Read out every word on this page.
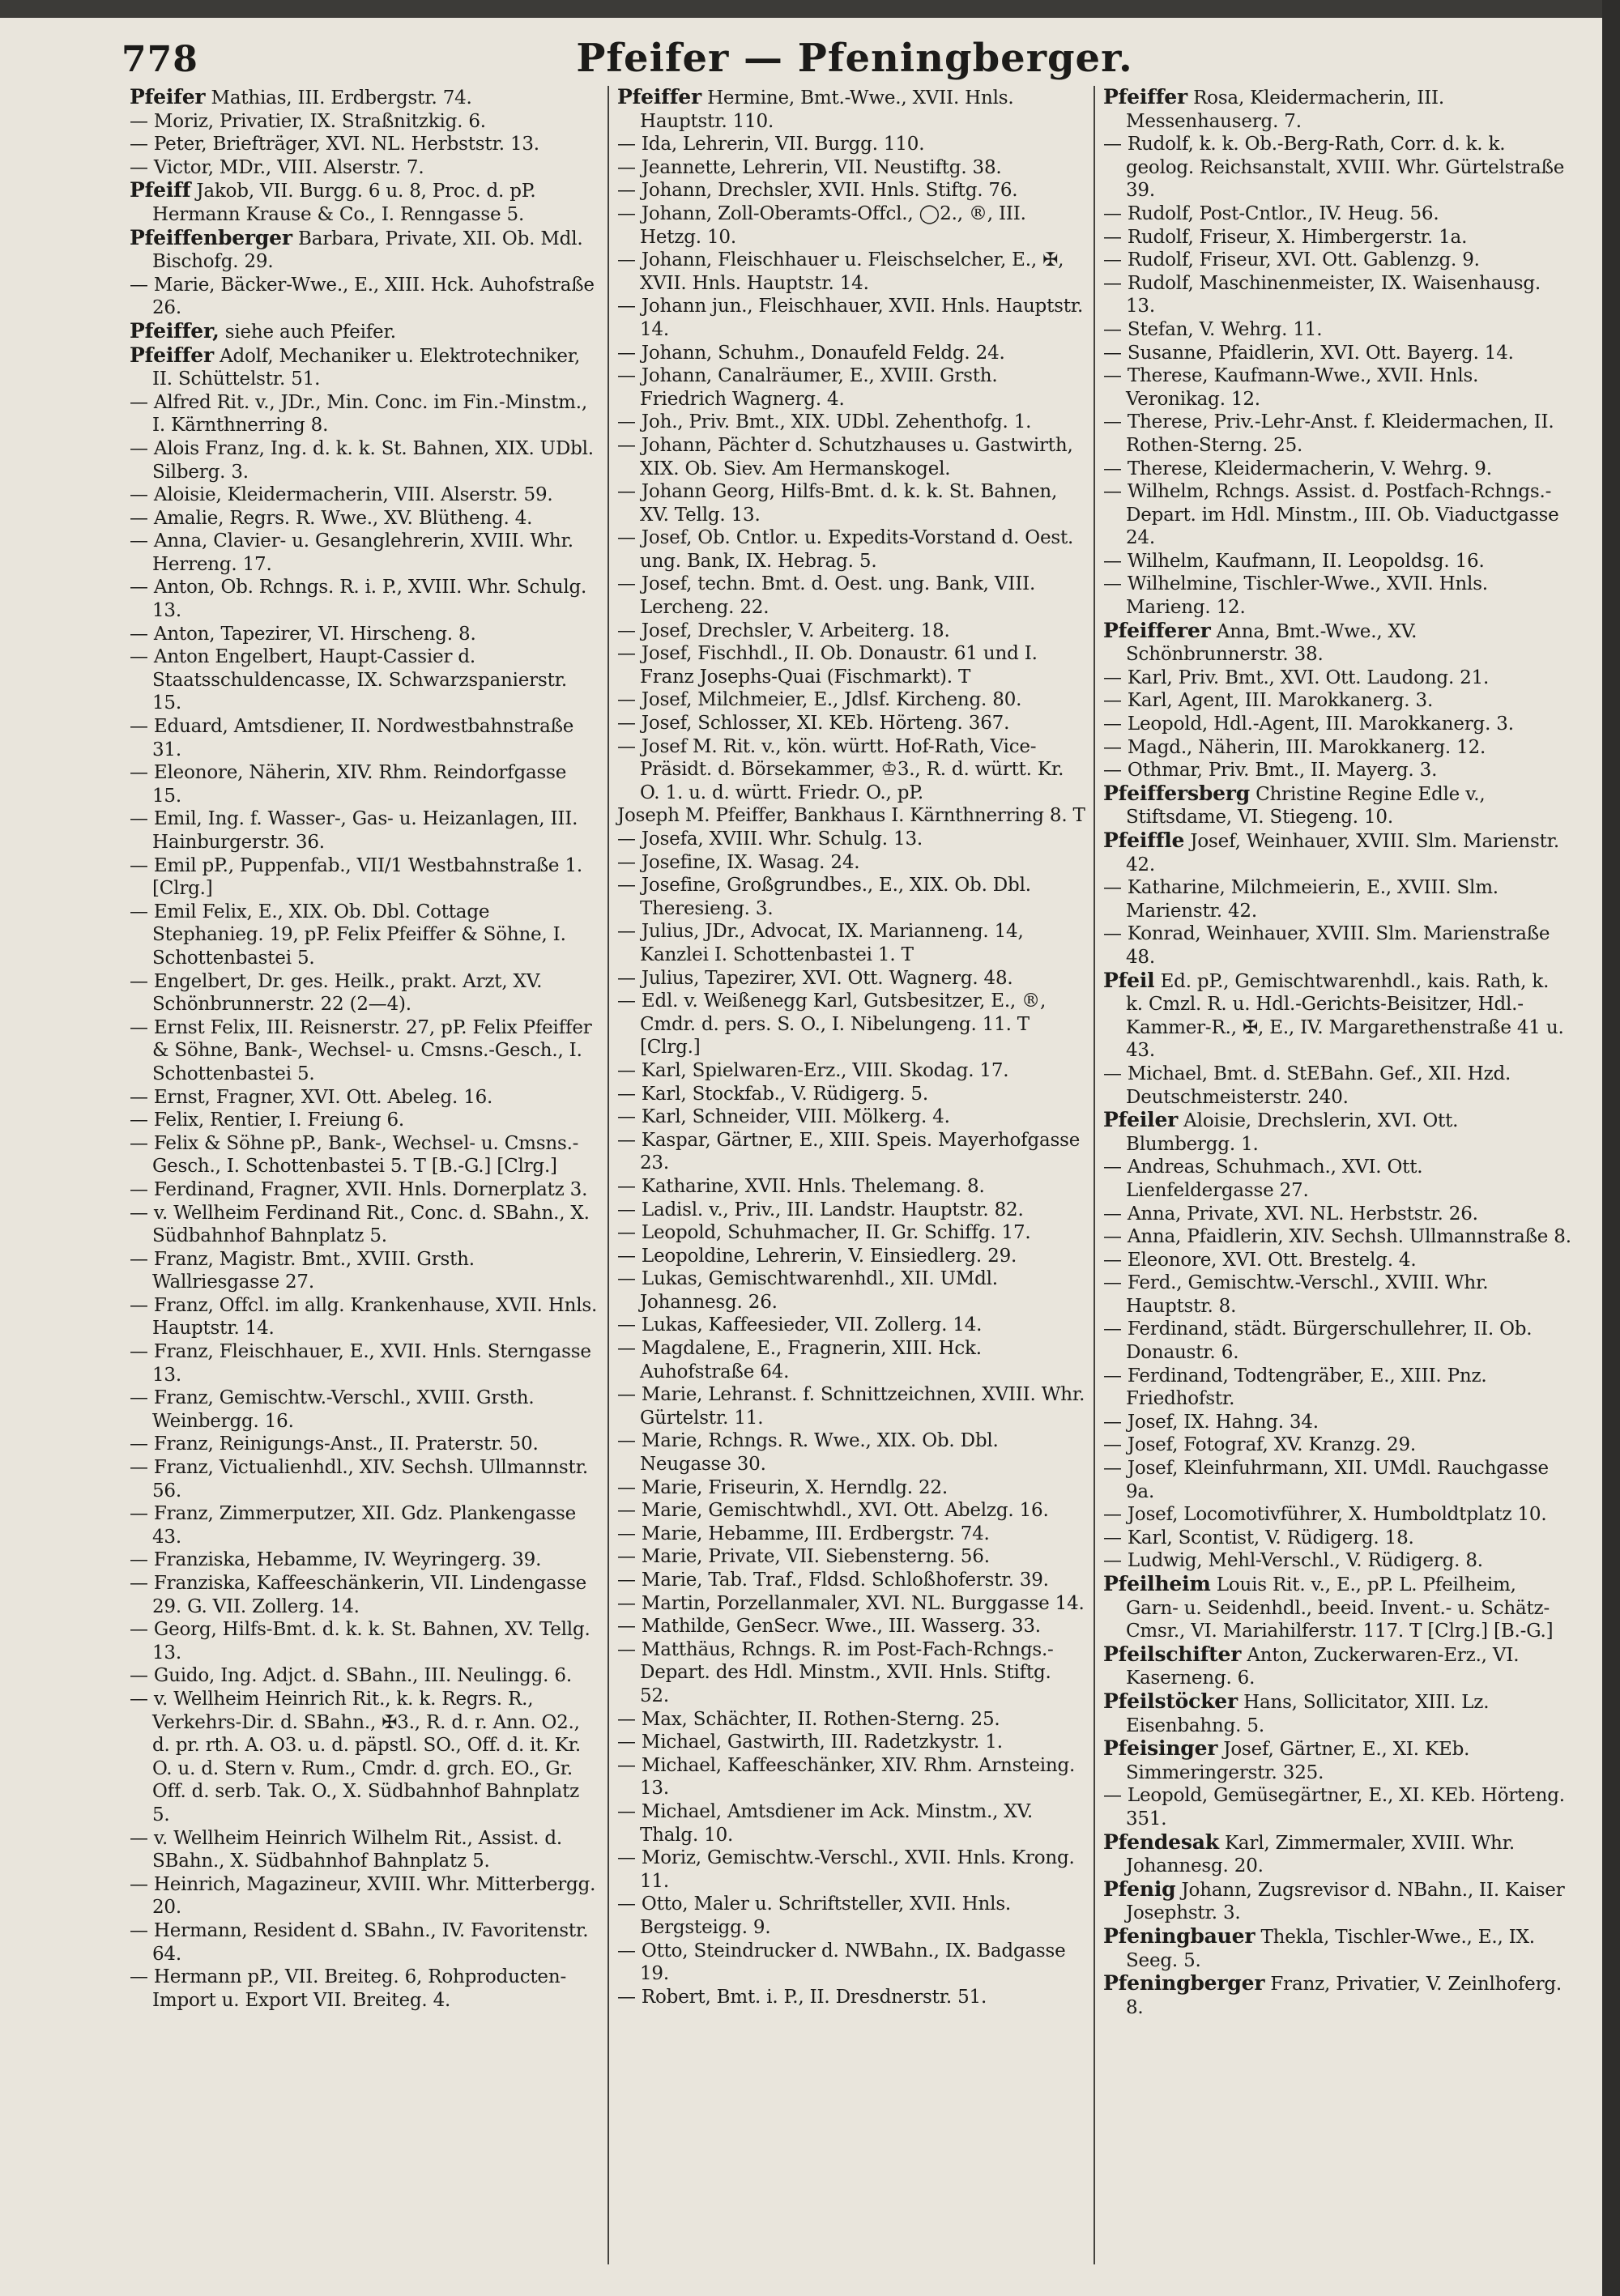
778	Pfeifer — Pfeningberger.

Pfeifer Mathias, III. Erdbergstr. 74.

— Moriz, Privatier, IX. Straßnitzkig. 6.

— Peter, Briefträger, XVI. NL. Herbststr. 13.

— Victor, MDr., VIII. Alserstr. 7.

Pfeiff Jakob, VII. Burgg. 6 u. 8, Proc. d. pP. Hermann Krause & Co., I. Renngasse 5.

Pfeiffenberger Barbara, Private, XII. Ob. Mdl. Bischofg. 29.

— Marie, Bäcker-Wwe., E., XIII. Hck. Auhofstraße 26.

Pfeiffer, siehe auch Pfeifer.

Pfeiffer Adolf, Mechaniker u. Elektrotechniker, II. Schüttelstr. 51.

— Alfred Rit. v., JDr., Min. Conc. im Fin.-Minstm., I. Kärnthnerring 8.

— Alois Franz, Ing. d. k. k. St. Bahnen, XIX. UDbl. Silberg. 3.

— Aloisie, Kleidermacherin, VIII. Alserstr. 59.

— Amalie, Regrs. R. Wwe., XV. Blütheng. 4.

— Anna, Clavier- u. Gesanglehrerin, XVIII. Whr. Herreng. 17.

— Anton, Ob. Rchngs. R. i. P., XVIII. Whr. Schulg. 13.

— Anton, Tapezirer, VI. Hirscheng. 8.

— Anton Engelbert, Haupt-Cassier d. Staatsschuldencasse, IX. Schwarzspanierstr. 15.

— Eduard, Amtsdiener, II. Nordwestbahnstraße 31.

— Eleonore, Näherin, XIV. Rhm. Reindorfgasse 15.

— Emil, Ing. f. Wasser-, Gas- u. Heizanlagen, III. Hainburgerstr. 36.

— Emil pP., Puppenfab., VII/1 Westbahnstraße 1. [Clrg.]

— Emil Felix, E., XIX. Ob. Dbl. Cottage Stephanieg. 19, pP. Felix Pfeiffer & Söhne, I. Schottenbastei 5.

— Engelbert, Dr. ges. Heilk., prakt. Arzt, XV. Schönbrunnerstr. 22 (2—4).

— Ernst Felix, III. Reisnerstr. 27, pP. Felix Pfeiffer & Söhne, Bank-, Wechsel- u. Cmsns.-Gesch., I. Schottenbastei 5.

— Ernst, Fragner, XVI. Ott. Abeleg. 16.

— Felix, Rentier, I. Freiung 6.

— Felix & Söhne pP., Bank-, Wechsel- u. Cmsns.-Gesch., I. Schottenbastei 5. T [B.-G.] [Clrg.]

— Ferdinand, Fragner, XVII. Hnls. Dornerplatz 3.

— v. Wellheim Ferdinand Rit., Conc. d. SBahn., X. Südbahnhof Bahnplatz 5.

— Franz, Magistr. Bmt., XVIII. Grsth. Wallriesgasse 27.

— Franz, Offcl. im allg. Krankenhause, XVII. Hnls. Hauptstr. 14.

— Franz, Fleischhauer, E., XVII. Hnls. Sterngasse 13.

— Franz, Gemischtw.-Verschl., XVIII. Grsth. Weinbergg. 16.

— Franz, Reinigungs-Anst., II. Praterstr. 50.

— Franz, Victualienhdl., XIV. Sechsh. Ullmannstr. 56.

— Franz, Zimmerputzer, XII. Gdz. Plankengasse 43.

— Franziska, Hebamme, IV. Weyringerg. 39.

— Franziska, Kaffeeschänkerin, VII. Lindengasse 29. G. VII. Zollerg. 14.

— Georg, Hilfs-Bmt. d. k. k. St. Bahnen, XV. Tellg. 13.

— Guido, Ing. Adjct. d. SBahn., III. Neulingg. 6.

— v. Wellheim Heinrich Rit., k. k. Regrs. R., Verkehrs-Dir. d. SBahn., ✠3., R. d. r. Ann. O2., d. pr. rth. A. O3. u. d. päpstl. SO., Off. d. it. Kr. O. u. d. Stern v. Rum., Cmdr. d. grch. EO., Gr. Off. d. serb. Tak. O., X. Südbahnhof Bahnplatz 5.

— v. Wellheim Heinrich Wilhelm Rit., Assist. d. SBahn., X. Südbahnhof Bahnplatz 5.

— Heinrich, Magazineur, XVIII. Whr. Mitterbergg. 20.

— Hermann, Resident d. SBahn., IV. Favoritenstr. 64.

— Hermann pP., VII. Breiteg. 6, Rohproducten-Import u. Export VII. Breiteg. 4.

Pfeiffer Hermine, Bmt.-Wwe., XVII. Hnls. Hauptstr. 110.

— Ida, Lehrerin, VII. Burgg. 110.

— Jeannette, Lehrerin, VII. Neustiftg. 38.

— Johann, Drechsler, XVII. Hnls. Stiftg. 76.

— Johann, Zoll-Oberamts-Offcl., ◯2., ®, III. Hetzg. 10.

— Johann, Fleischhauer u. Fleischselcher, E., ✠, XVII. Hnls. Hauptstr. 14.

— Johann jun., Fleischhauer, XVII. Hnls. Hauptstr. 14.

— Johann, Schuhm., Donaufeld Feldg. 24.

— Johann, Canalräumer, E., XVIII. Grsth. Friedrich Wagnerg. 4.

— Joh., Priv. Bmt., XIX. UDbl. Zehenthofg. 1.

— Johann, Pächter d. Schutzhauses u. Gastwirth, XIX. Ob. Siev. Am Hermanskogel.

— Johann Georg, Hilfs-Bmt. d. k. k. St. Bahnen, XV. Tellg. 13.

— Josef, Ob. Cntlor. u. Expedits-Vorstand d. Oest. ung. Bank, IX. Hebrag. 5.

— Josef, techn. Bmt. d. Oest. ung. Bank, VIII. Lercheng. 22.

— Josef, Drechsler, V. Arbeiterg. 18.

— Josef, Fischhdl., II. Ob. Donaustr. 61 und I. Franz Josephs-Quai (Fischmarkt). T

— Josef, Milchmeier, E., Jdlsf. Kircheng. 80.

— Josef, Schlosser, XI. KEb. Hörteng. 367.

— Josef M. Rit. v., kön. württ. Hof-Rath, Vice-Präsidt. d. Börsekammer, ♔3., R. d. württ. Kr. O. 1. u. d. württ. Friedr. O., pP.

Joseph M. Pfeiffer, Bankhaus I. Kärnthnerring 8. T

— Josefa, XVIII. Whr. Schulg. 13.

— Josefine, IX. Wasag. 24.

— Josefine, Großgrundbes., E., XIX. Ob. Dbl. Theresieng. 3.

— Julius, JDr., Advocat, IX. Marianneng. 14, Kanzlei I. Schottenbastei 1. T

— Julius, Tapezirer, XVI. Ott. Wagnerg. 48.

— Edl. v. Weißenegg Karl, Gutsbesitzer, E., ®, Cmdr. d. pers. S. O., I. Nibelungeng. 11. T [Clrg.]

— Karl, Spielwaren-Erz., VIII. Skodag. 17.

— Karl, Stockfab., V. Rüdigerg. 5.

— Karl, Schneider, VIII. Mölkerg. 4.

— Kaspar, Gärtner, E., XIII. Speis. Mayerhofgasse 23.

— Katharine, XVII. Hnls. Thelemang. 8.

— Ladisl. v., Priv., III. Landstr. Hauptstr. 82.

— Leopold, Schuhmacher, II. Gr. Schiffg. 17.

— Leopoldine, Lehrerin, V. Einsiedlerg. 29.

— Lukas, Gemischtwarenhdl., XII. UMdl. Johannesg. 26.

— Lukas, Kaffeesieder, VII. Zollerg. 14.

— Magdalene, E., Fragnerin, XIII. Hck. Auhofstraße 64.

— Marie, Lehranst. f. Schnittzeichnen, XVIII. Whr. Gürtelstr. 11.

— Marie, Rchngs. R. Wwe., XIX. Ob. Dbl. Neugasse 30.

— Marie, Friseurin, X. Herndlg. 22.

— Marie, Gemischtwhdl., XVI. Ott. Abelzg. 16.

— Marie, Hebamme, III. Erdbergstr. 74.

— Marie, Private, VII. Siebensterng. 56.

— Marie, Tab. Traf., Fldsd. Schloßhoferstr. 39.

— Martin, Porzellanmaler, XVI. NL. Burggasse 14.

— Mathilde, GenSecr. Wwe., III. Wasserg. 33.

— Matthäus, Rchngs. R. im Post-Fach-Rchngs.-Depart. des Hdl. Minstm., XVII. Hnls. Stiftg. 52.

— Max, Schächter, II. Rothen-Sterng. 25.

— Michael, Gastwirth, III. Radetzkystr. 1.

— Michael, Kaffeeschänker, XIV. Rhm. Arnsteing. 13.

— Michael, Amtsdiener im Ack. Minstm., XV. Thalg. 10.

— Moriz, Gemischtw.-Verschl., XVII. Hnls. Krong. 11.

— Otto, Maler u. Schriftsteller, XVII. Hnls. Bergsteigg. 9.

— Otto, Steindrucker d. NWBahn., IX. Badgasse 19.

— Robert, Bmt. i. P., II. Dresdnerstr. 51.

Pfeiffer Rosa, Kleidermacherin, III. Messenhauserg. 7.

— Rudolf, k. k. Ob.-Berg-Rath, Corr. d. k. k. geolog. Reichsanstalt, XVIII. Whr. Gürtelstraße 39.

— Rudolf, Post-Cntlor., IV. Heug. 56.

— Rudolf, Friseur, X. Himbergerstr. 1a.

— Rudolf, Friseur, XVI. Ott. Gablenzg. 9.

— Rudolf, Maschinenmeister, IX. Waisenhausg. 13.

— Stefan, V. Wehrg. 11.

— Susanne, Pfaidlerin, XVI. Ott. Bayerg. 14.

— Therese, Kaufmann-Wwe., XVII. Hnls. Veronikag. 12.

— Therese, Priv.-Lehr-Anst. f. Kleidermachen, II. Rothen-Sterng. 25.

— Therese, Kleidermacherin, V. Wehrg. 9.

— Wilhelm, Rchngs. Assist. d. Postfach-Rchngs.-Depart. im Hdl. Minstm., III. Ob. Viaductgasse 24.

— Wilhelm, Kaufmann, II. Leopoldsg. 16.

— Wilhelmine, Tischler-Wwe., XVII. Hnls. Marieng. 12.

Pfeifferer Anna, Bmt.-Wwe., XV. Schönbrunnerstr. 38.

— Karl, Priv. Bmt., XVI. Ott. Laudong. 21.

— Karl, Agent, III. Marokkanerg. 3.

— Leopold, Hdl.-Agent, III. Marokkanerg. 3.

— Magd., Näherin, III. Marokkanerg. 12.

— Othmar, Priv. Bmt., II. Mayerg. 3.

Pfeiffersberg Christine Regine Edle v., Stiftsdame, VI. Stiegeng. 10.

Pfeiffle Josef, Weinhauer, XVIII. Slm. Marienstr. 42.

— Katharine, Milchmeierin, E., XVIII. Slm. Marienstr. 42.

— Konrad, Weinhauer, XVIII. Slm. Marienstraße 48.

Pfeil Ed. pP., Gemischtwarenhdl., kais. Rath, k. k. Cmzl. R. u. Hdl.-Gerichts-Beisitzer, Hdl.-Kammer-R., ✠, E., IV. Margarethenstraße 41 u. 43.

— Michael, Bmt. d. StEBahn. Gef., XII. Hzd. Deutschmeisterstr. 240.

Pfeiler Aloisie, Drechslerin, XVI. Ott. Blumbergg. 1.

— Andreas, Schuhmach., XVI. Ott. Lienfeldergasse 27.

— Anna, Private, XVI. NL. Herbststr. 26.

— Anna, Pfaidlerin, XIV. Sechsh. Ullmannstraße 8.

— Eleonore, XVI. Ott. Brestelg. 4.

— Ferd., Gemischtw.-Verschl., XVIII. Whr. Hauptstr. 8.

— Ferdinand, städt. Bürgerschullehrer, II. Ob. Donaustr. 6.

— Ferdinand, Todtengräber, E., XIII. Pnz. Friedhofstr.

— Josef, IX. Hahng. 34.

— Josef, Fotograf, XV. Kranzg. 29.

— Josef, Kleinfuhrmann, XII. UMdl. Rauchgasse 9a.

— Josef, Locomotivführer, X. Humboldtplatz 10.

— Karl, Scontist, V. Rüdigerg. 18.

— Ludwig, Mehl-Verschl., V. Rüdigerg. 8.

Pfeilheim Louis Rit. v., E., pP. L. Pfeilheim, Garn- u. Seidenhdl., beeid. Invent.- u. Schätz-Cmsr., VI. Mariahilferstr. 117. T [Clrg.] [B.-G.]

Pfeilschifter Anton, Zuckerwaren-Erz., VI. Kaserneng. 6.

Pfeilstöcker Hans, Sollicitator, XIII. Lz. Eisenbahng. 5.

Pfeisinger Josef, Gärtner, E., XI. KEb. Simmeringerstr. 325.

— Leopold, Gemüsegärtner, E., XI. KEb. Hörteng. 351.

Pfendesak Karl, Zimmermaler, XVIII. Whr. Johannesg. 20.

Pfenig Johann, Zugsrevisor d. NBahn., II. Kaiser Josephstr. 3.

Pfeningbauer Thekla, Tischler-Wwe., E., IX. Seeg. 5.

Pfeningberger Franz, Privatier, V. Zeinlhoferg. 8.
